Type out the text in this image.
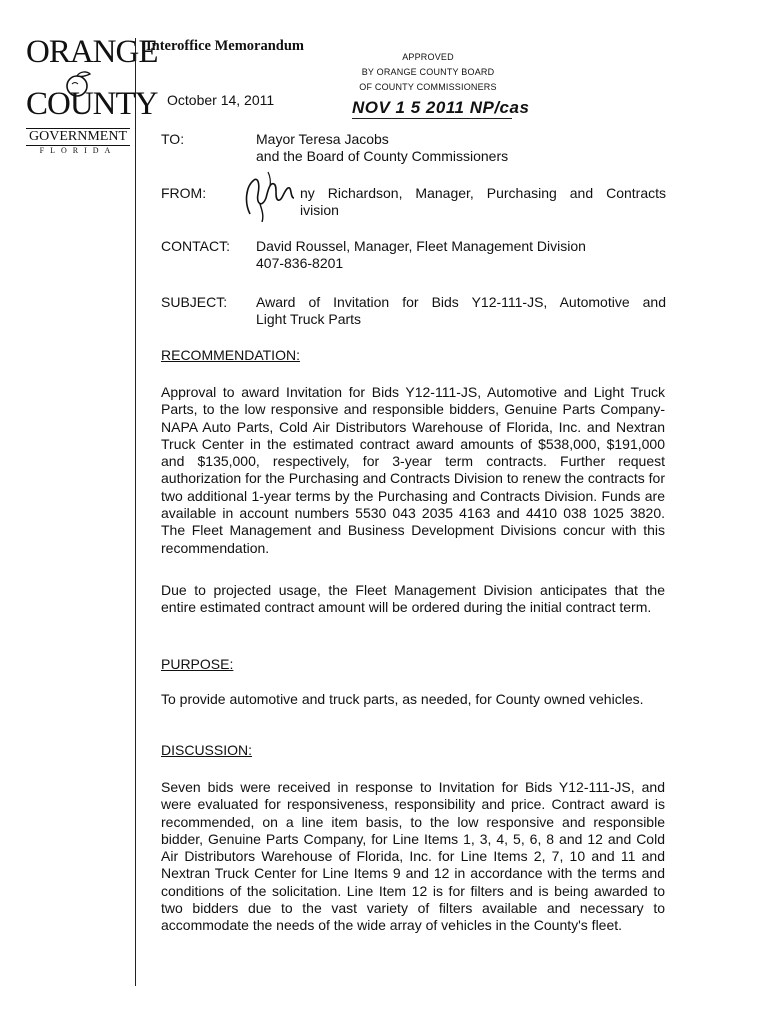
ORANGE
COUNTY
GOVERNMENT
FLORIDA
Interoffice Memorandum
APPROVED
BY ORANGE COUNTY BOARD
OF COUNTY COMMISSIONERS
NOV 1 5 2011 NP/cas
October 14, 2011
TO:	Mayor Teresa Jacobs
and the Board of County Commissioners
FROM:	ny Richardson, Manager, Purchasing and Contracts
ivision
CONTACT: David Roussel, Manager, Fleet Management Division
407-836-8201
SUBJECT: Award of Invitation for Bids Y12-111-JS, Automotive and
Light Truck Parts
RECOMMENDATION:
Approval to award Invitation for Bids Y12-111-JS, Automotive and Light Truck Parts, to the low responsive and responsible bidders, Genuine Parts Company-NAPA Auto Parts, Cold Air Distributors Warehouse of Florida, Inc. and Nextran Truck Center in the estimated contract award amounts of $538,000, $191,000 and $135,000, respectively, for 3-year term contracts. Further request authorization for the Purchasing and Contracts Division to renew the contracts for two additional 1-year terms by the Purchasing and Contracts Division. Funds are available in account numbers 5530 043 2035 4163 and 4410 038 1025 3820. The Fleet Management and Business Development Divisions concur with this recommendation.
Due to projected usage, the Fleet Management Division anticipates that the entire estimated contract amount will be ordered during the initial contract term.
PURPOSE:
To provide automotive and truck parts, as needed, for County owned vehicles.
DISCUSSION:
Seven bids were received in response to Invitation for Bids Y12-111-JS, and were evaluated for responsiveness, responsibility and price. Contract award is recommended, on a line item basis, to the low responsive and responsible bidder, Genuine Parts Company, for Line Items 1, 3, 4, 5, 6, 8 and 12 and Cold Air Distributors Warehouse of Florida, Inc. for Line Items 2, 7, 10 and 11 and Nextran Truck Center for Line Items 9 and 12 in accordance with the terms and conditions of the solicitation. Line Item 12 is for filters and is being awarded to two bidders due to the vast variety of filters available and necessary to accommodate the needs of the wide array of vehicles in the County's fleet.
